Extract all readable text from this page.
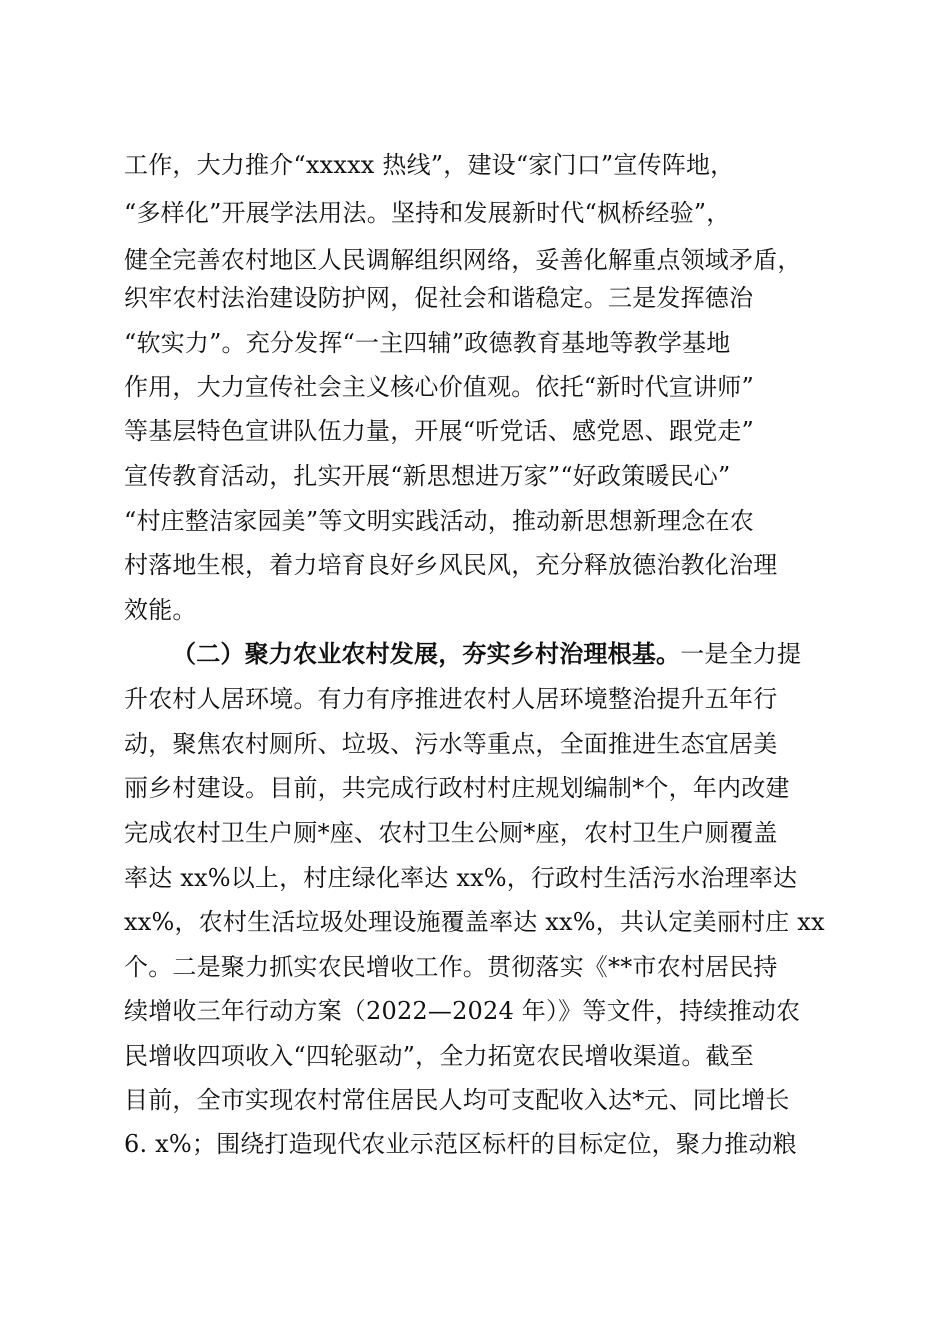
工作，大力推介“xxxxx 热线”，建设“家门口”宣传阵地，
“多样化”开展学法用法。坚持和发展新时代“枫桥经验”，
健全完善农村地区人民调解组织网络，妥善化解重点领域矛盾，
织牢农村法治建设防护网，促社会和谐稳定。三是发挥德治
“软实力”。充分发挥“一主四辅”政德教育基地等教学基地
作用，大力宣传社会主义核心价值观。依托“新时代宣讲师”
等基层特色宣讲队伍力量，开展“听党话、感党恩、跟党走”
宣传教育活动，扎实开展“新思想进万家”“好政策暖民心”
“村庄整洁家园美”等文明实践活动，推动新思想新理念在农
村落地生根，着力培育良好乡风民风，充分释放德治教化治理
效能。
（二）聚力农业农村发展，夯实乡村治理根基。一是全力提
升农村人居环境。有力有序推进农村人居环境整治提升五年行
动，聚焦农村厕所、垃圾、污水等重点，全面推进生态宜居美
丽乡村建设。目前，共完成行政村村庄规划编制*个，年内改建
完成农村卫生户厕*座、农村卫生公厕*座，农村卫生户厕覆盖
率达 xx%以上，村庄绿化率达 xx%，行政村生活污水治理率达
xx%，农村生活垃圾处理设施覆盖率达 xx%，共认定美丽村庄 xx
个。二是聚力抓实农民增收工作。贯彻落实《**市农村居民持
续增收三年行动方案（2022—2024 年）》等文件，持续推动农
民增收四项收入“四轮驱动”，全力拓宽农民增收渠道。截至
目前，全市实现农村常住居民人均可支配收入达*元、同比增长
6. x%；围绕打造现代农业示范区标杆的目标定位，聚力推动粮
